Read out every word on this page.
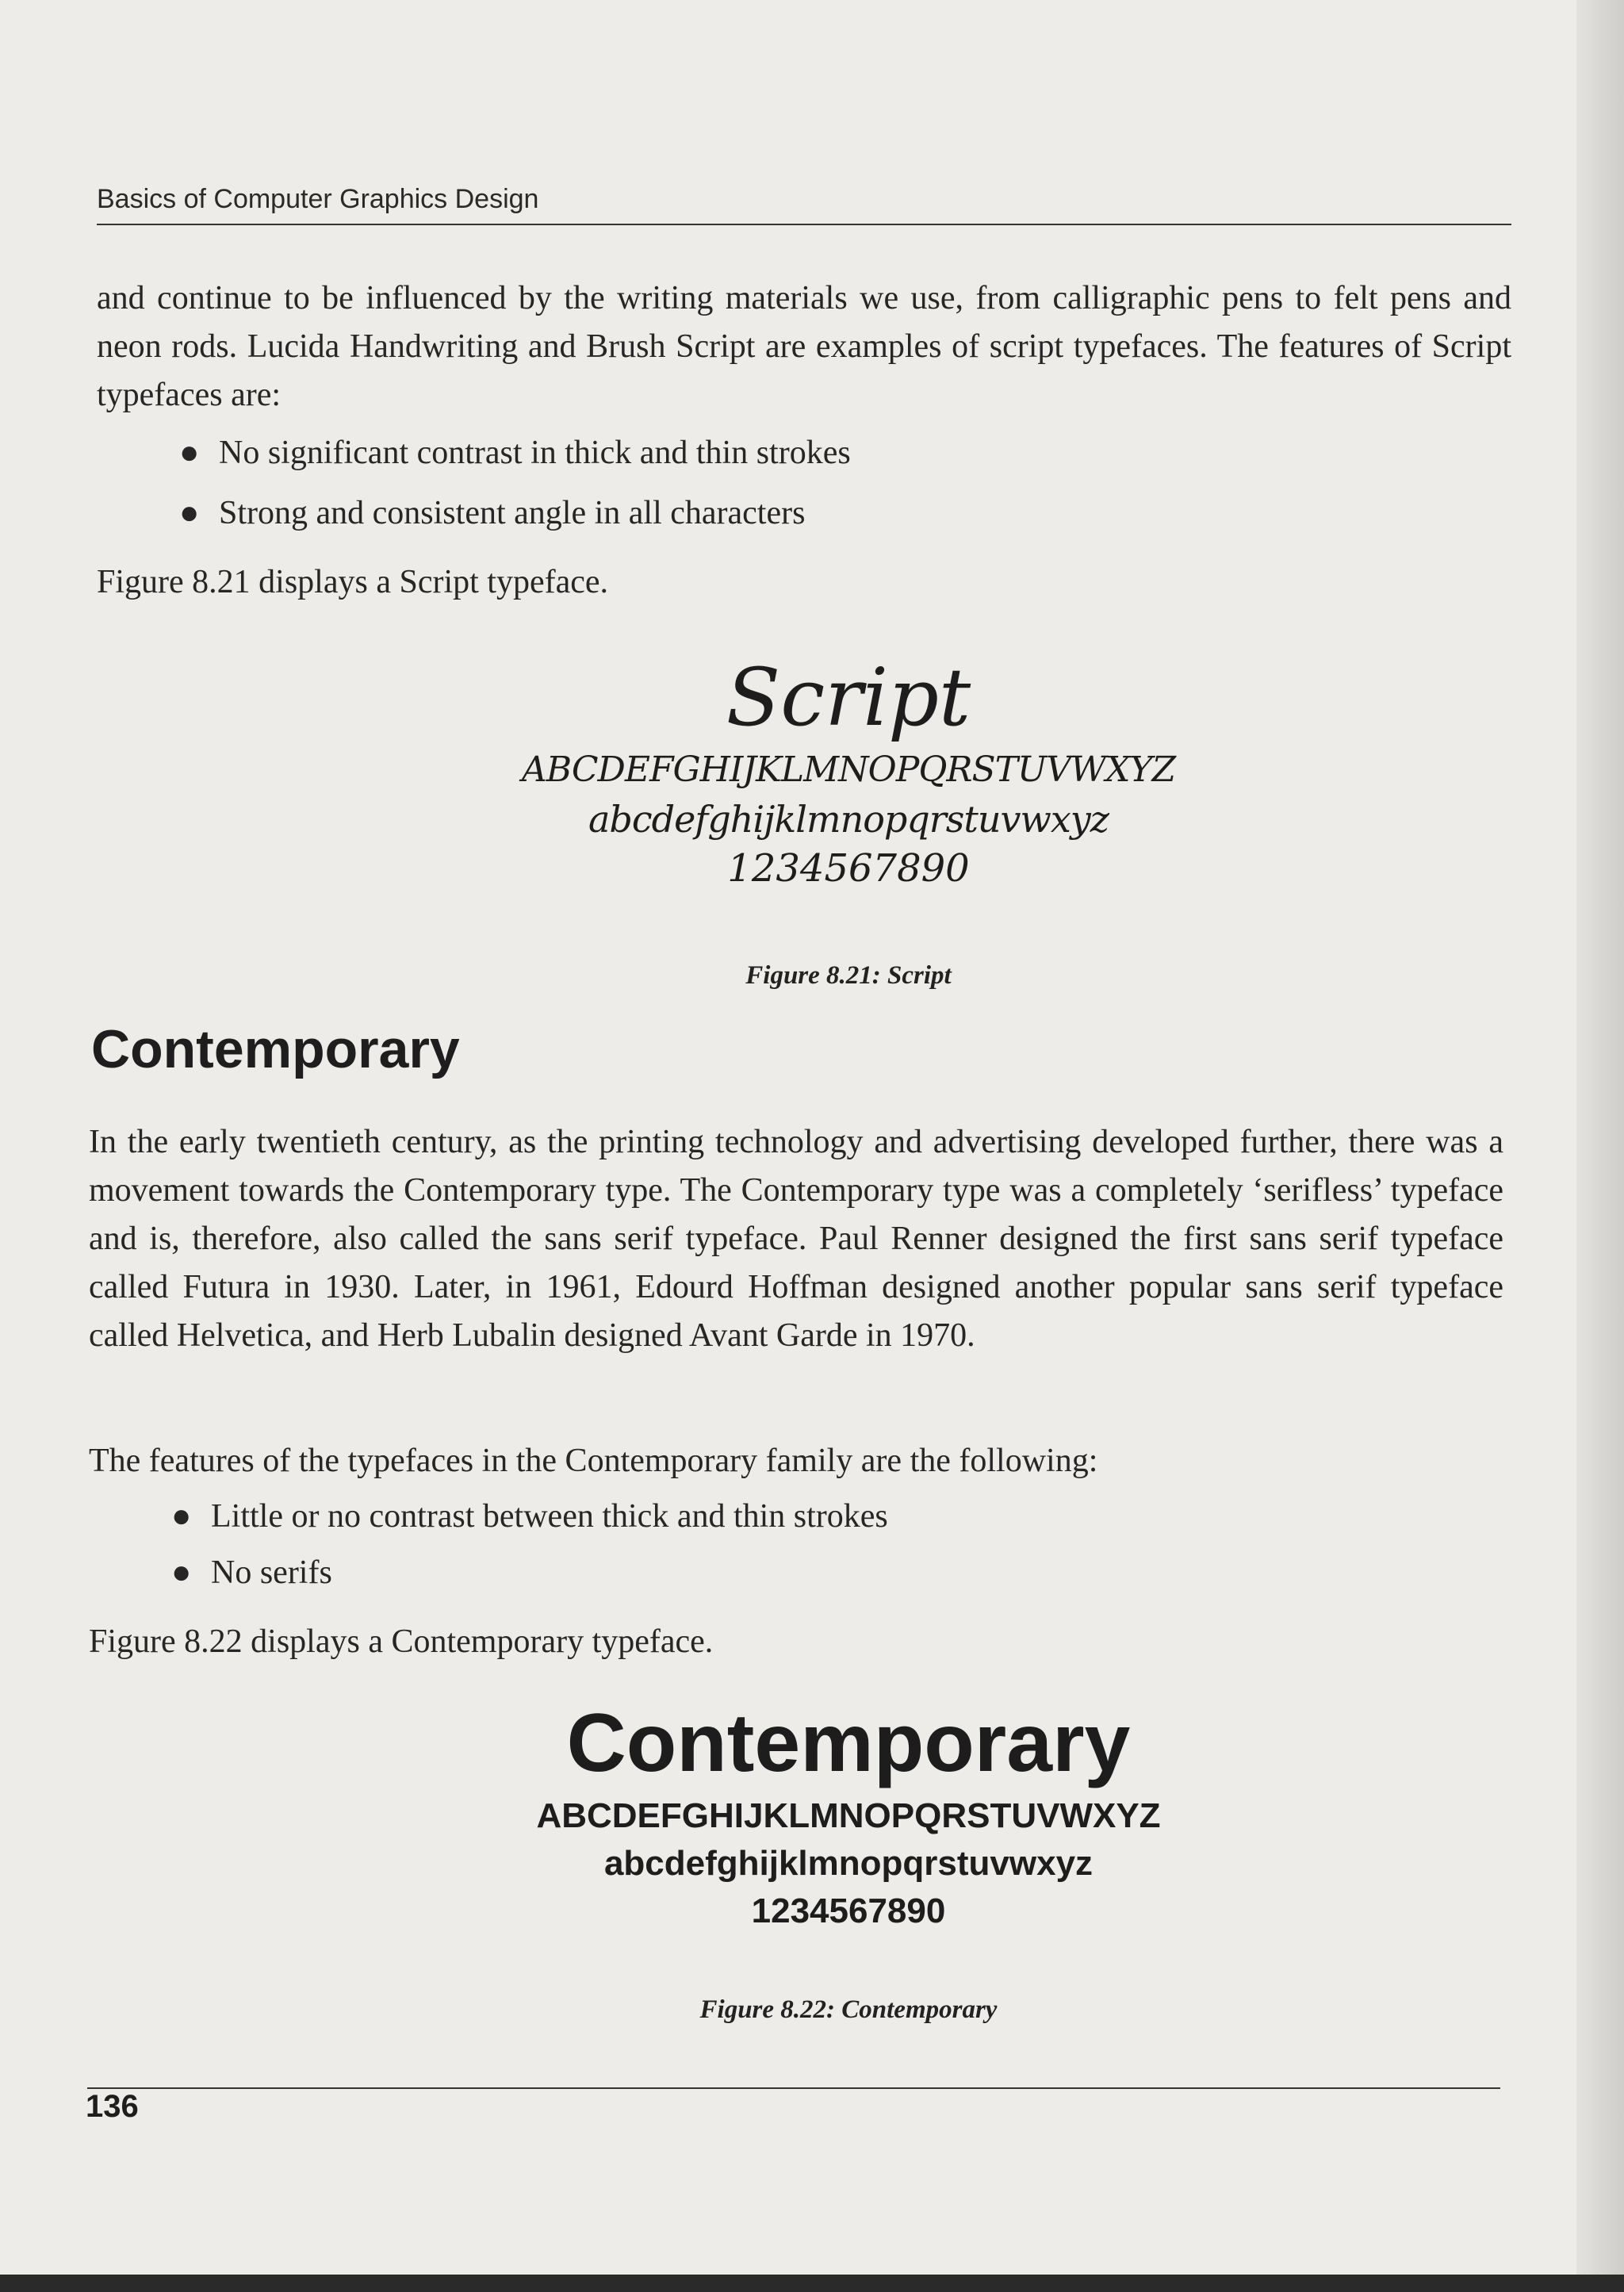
Basics of Computer Graphics Design

and continue to be influenced by the writing materials we use, from calligraphic pens to felt pens and neon rods. Lucida Handwriting and Brush Script are examples of script typefaces. The features of Script typefaces are:

● No significant contrast in thick and thin strokes
● Strong and consistent angle in all characters
Figure 8.21 displays a Script typeface.
Script
ABCDEFGHIJKLMNOPQRSTUVWXYZ
abcdefghijklmnopqrstuvwxyz
1234567890
Figure 8.21: Script
Contemporary

In the early twentieth century, as the printing technology and advertising developed further, there was a movement towards the Contemporary type. The Contemporary type was a completely ‘serifless’ typeface and is, therefore, also called the sans serif typeface. Paul Renner designed the first sans serif typeface called Futura in 1930. Later, in 1961, Edourd Hoffman designed another popular sans serif typeface called Helvetica, and Herb Lubalin designed Avant Garde in 1970.

The features of the typefaces in the Contemporary family are the following:
● Little or no contrast between thick and thin strokes
● No serifs
Figure 8.22 displays a Contemporary typeface.
Contemporary
ABCDEFGHIJKLMNOPQRSTUVWXYZ
abcdefghijklmnopqrstuvwxyz
1234567890
Figure 8.22: Contemporary
136
